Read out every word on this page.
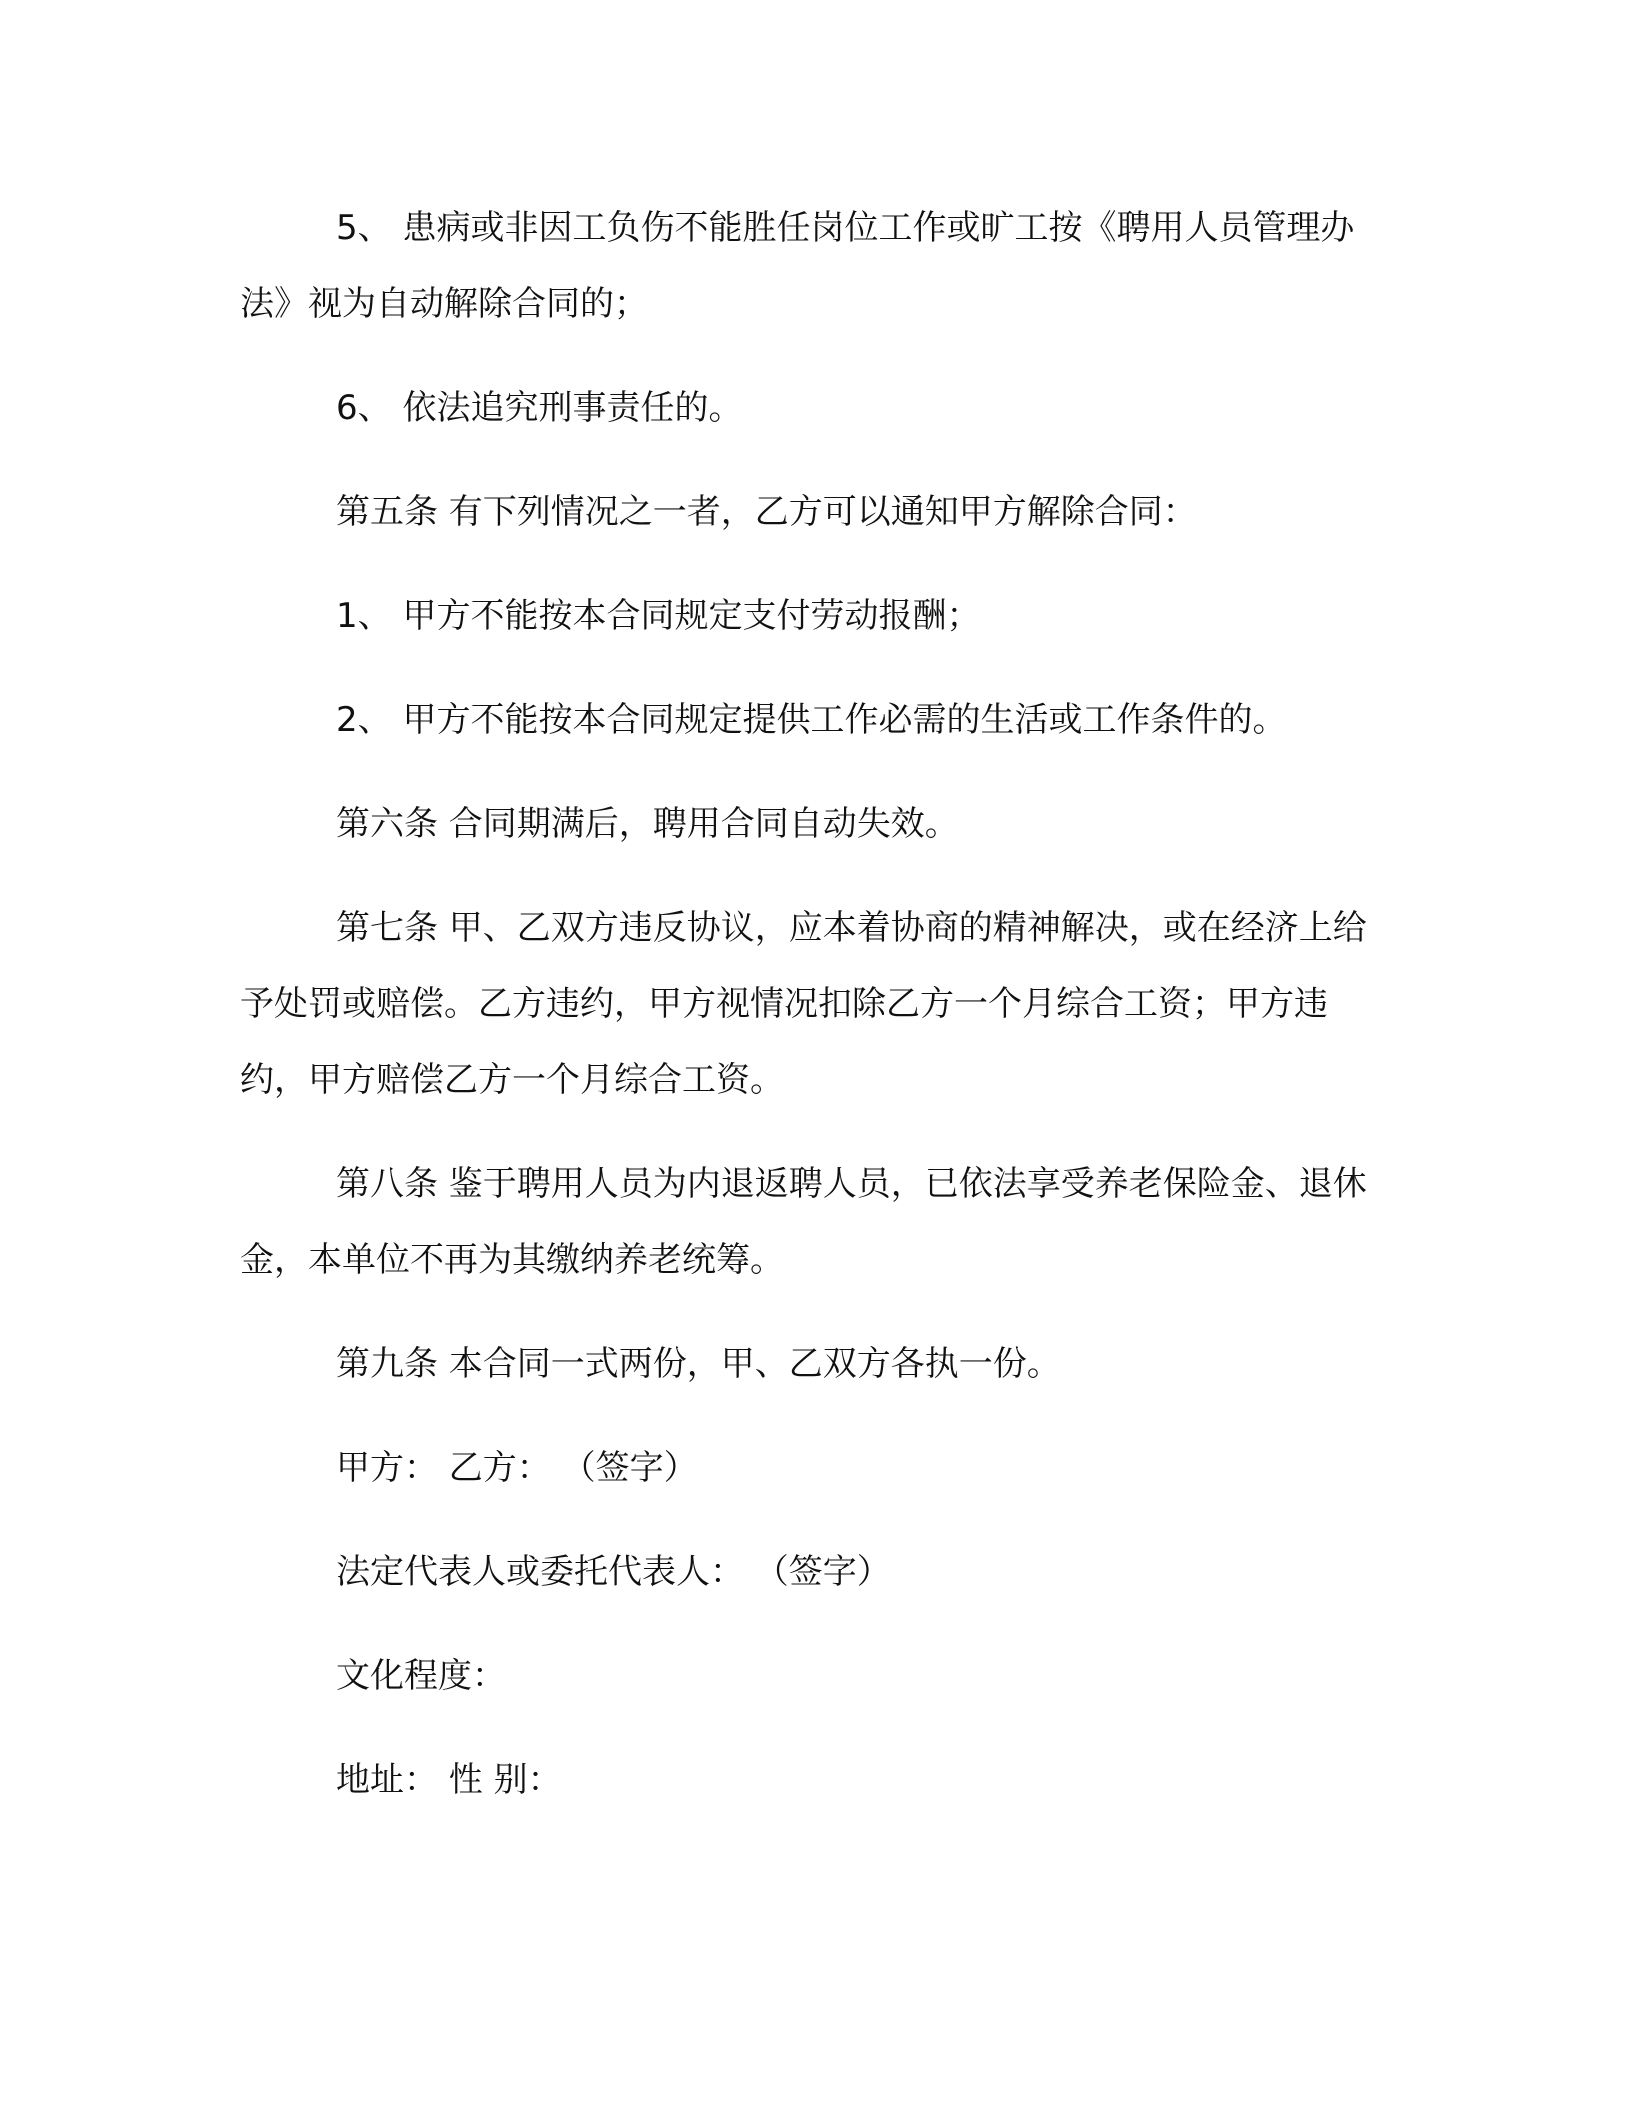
5、 患病或非因工负伤不能胜任岗位工作或旷工按《聘用人员管理办法》视为自动解除合同的；

6、 依法追究刑事责任的。

第五条 有下列情况之一者，乙方可以通知甲方解除合同：

1、 甲方不能按本合同规定支付劳动报酬；

2、 甲方不能按本合同规定提供工作必需的生活或工作条件的。

第六条 合同期满后，聘用合同自动失效。

第七条 甲、乙双方违反协议，应本着协商的精神解决，或在经济上给予处罚或赔偿。乙方违约，甲方视情况扣除乙方一个月综合工资；甲方违约，甲方赔偿乙方一个月综合工资。

第八条 鉴于聘用人员为内退返聘人员，已依法享受养老保险金、退休金，本单位不再为其缴纳养老统筹。

第九条 本合同一式两份，甲、乙双方各执一份。

甲方： 乙方： （签字）

法定代表人或委托代表人： （签字）

文化程度：

地址： 性 别：
